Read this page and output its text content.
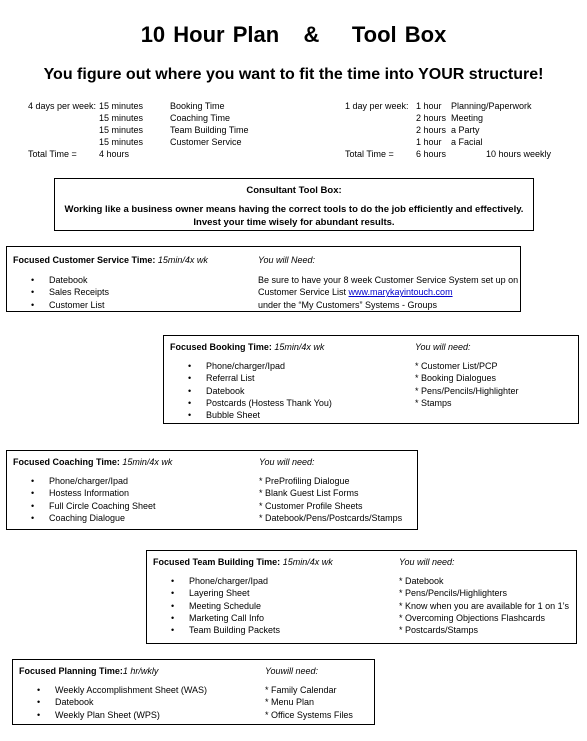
10 Hour Plan   &    Tool Box
You figure out where you want to fit the time into YOUR structure!
4 days per week: 15 minutes	Booking Time
15 minutes	Coaching Time
15 minutes	Team Building Time
15 minutes	Customer Service
Total Time = 4 hours
1 day per week: 1 hour Planning/Paperwork
2 hours Meeting
2 hours a Party
1 hour a Facial
Total Time = 6 hours	10 hours weekly
Consultant Tool Box:
Working like a business owner means having the correct tools to do the job efficiently and effectively.
Invest your time wisely for abundant results.
Focused Customer Service Time: 15min/4x wk	You will Need:
• Datebook
• Sales Receipts
• Customer List
Be sure to have your 8 week Customer Service System set up on
Customer Service List www.marykayintouch.com
under the “My Customers” Systems - Groups
Focused Booking Time: 15min/4x wk	You will need:
• Phone/charger/Ipad
• Referral List
• Datebook
• Postcards (Hostess Thank You)
• Bubble Sheet
* Customer List/PCP
* Booking Dialogues
* Pens/Pencils/Highlighter
* Stamps
Focused Coaching Time: 15min/4x wk	You will need:
• Phone/charger/Ipad
• Hostess Information
• Full Circle Coaching Sheet
• Coaching Dialogue
* PreProfiling Dialogue
* Blank Guest List Forms
* Customer Profile Sheets
* Datebook/Pens/Postcards/Stamps
Focused Team Building Time: 15min/4x wk	You will need:
• Phone/charger/Ipad
• Layering Sheet
• Meeting Schedule
• Marketing Call Info
• Team Building Packets
* Datebook
* Pens/Pencils/Highlighters
* Know when you are available for 1 on 1’s
* Overcoming Objections Flashcards
* Postcards/Stamps
Focused Planning Time:1 hr/wkly	Youwill need:
• Weekly Accomplishment Sheet (WAS)
• Datebook
• Weekly Plan Sheet (WPS)
* Family Calendar
* Menu Plan
* Office Systems Files
